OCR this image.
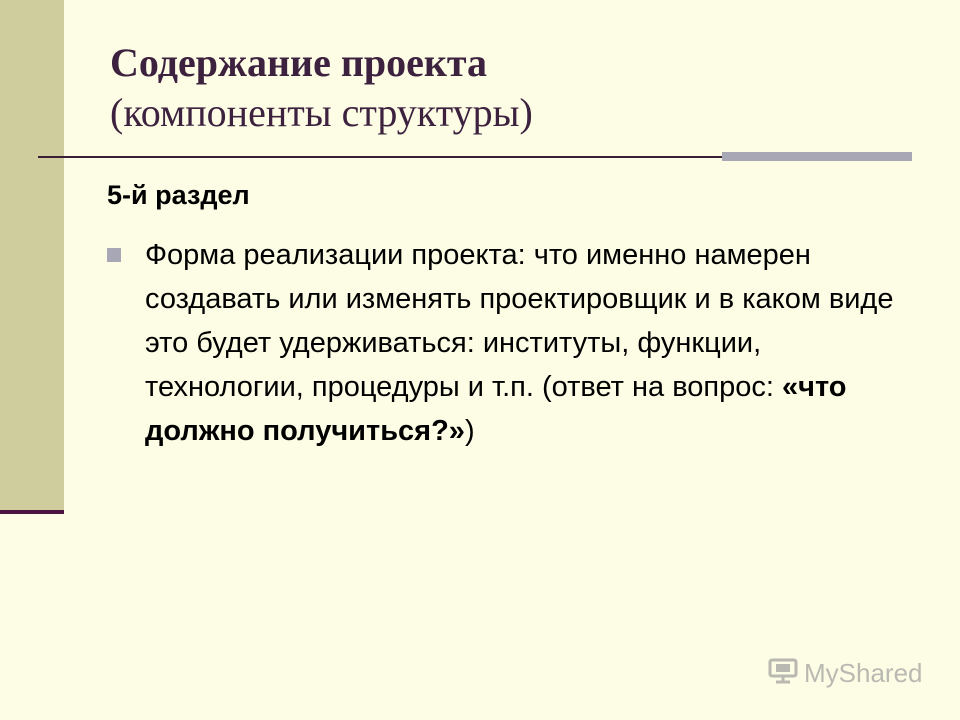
Содержание проекта
(компоненты структуры)
5-й раздел
Форма реализации проекта: что именно намерен создавать или изменять проектировщик и в каком виде это будет удерживаться: институты, функции, технологии, процедуры и т.п. (ответ на вопрос: «что должно получиться?»)
MyShared
